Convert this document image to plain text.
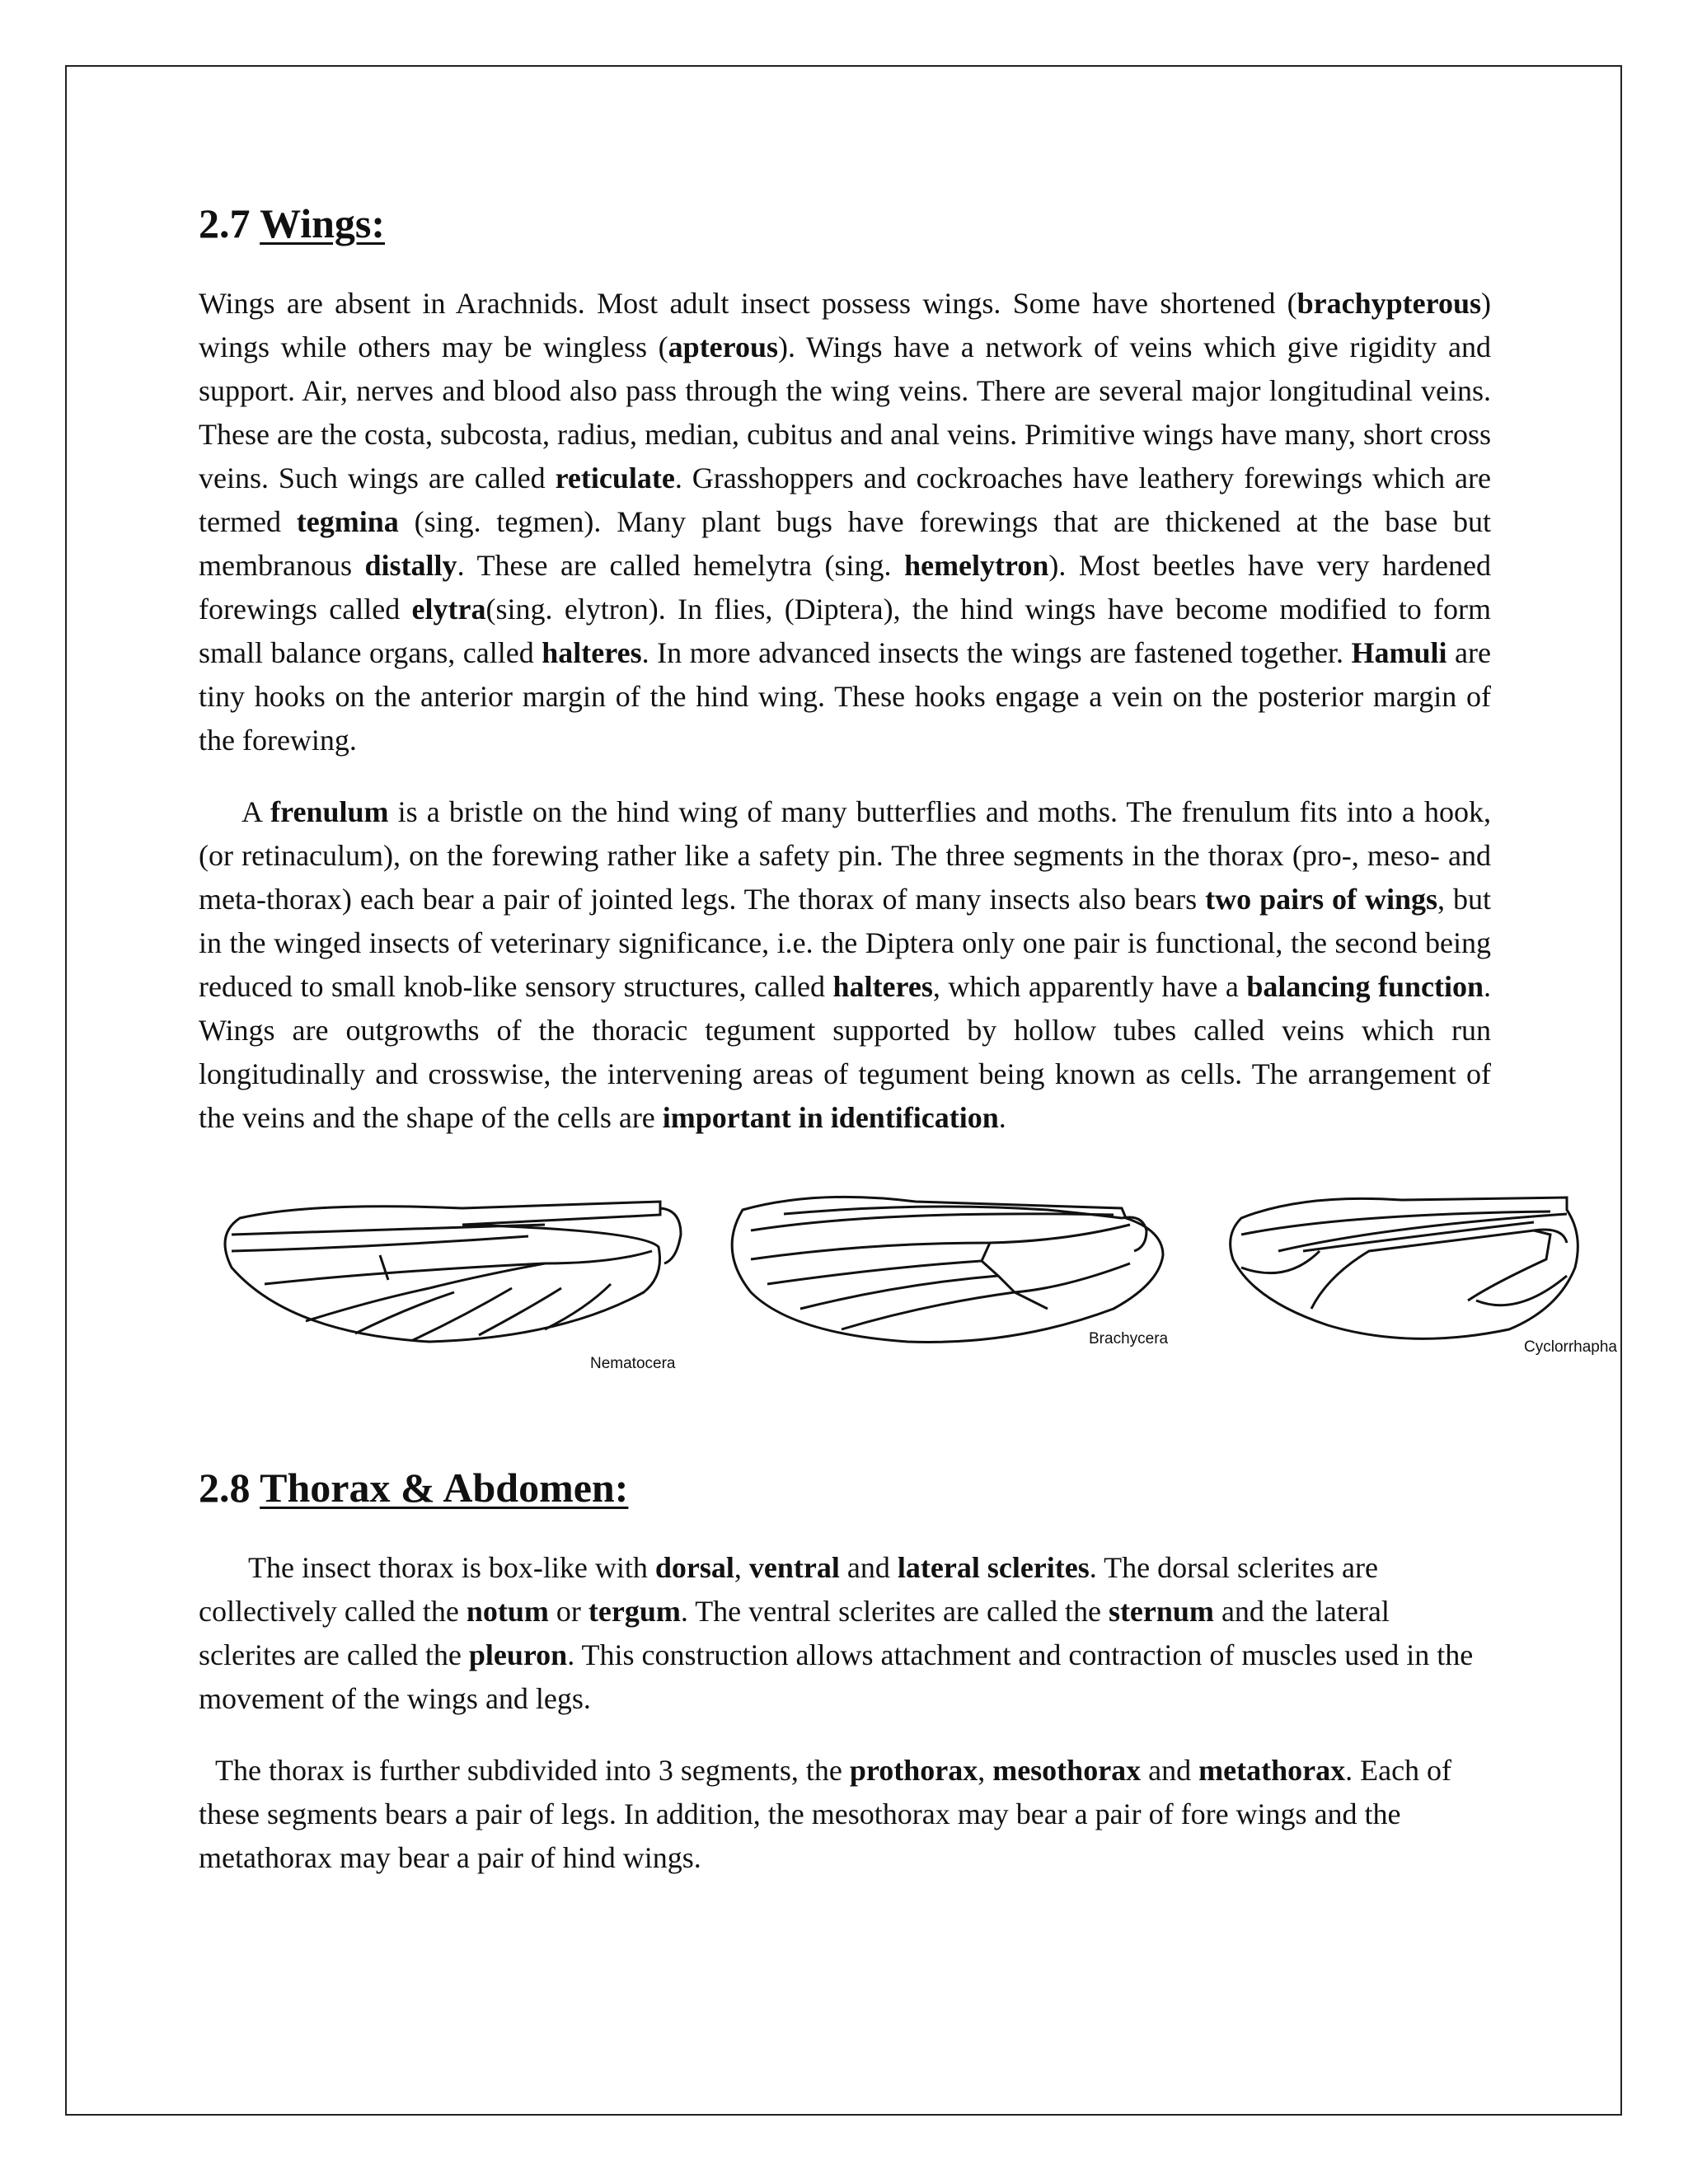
2.7 Wings:

Wings are absent in Arachnids. Most adult insect possess wings. Some have shortened (brachypterous) wings while others may be wingless (apterous). Wings have a network of veins which give rigidity and support. Air, nerves and blood also pass through the wing veins. There are several major longitudinal veins. These are the costa, subcosta, radius, median, cubitus and anal veins. Primitive wings have many, short cross veins. Such wings are called reticulate. Grasshoppers and cockroaches have leathery forewings which are termed tegmina (sing. tegmen). Many plant bugs have forewings that are thickened at the base but membranous distally. These are called hemelytra (sing. hemelytron). Most beetles have very hardened forewings called elytra(sing. elytron). In flies, (Diptera), the hind wings have become modified to form small balance organs, called halteres. In more advanced insects the wings are fastened together. Hamuli are tiny hooks on the anterior margin of the hind wing. These hooks engage a vein on the posterior margin of the forewing.

A frenulum is a bristle on the hind wing of many butterflies and moths. The frenulum fits into a hook, (or retinaculum), on the forewing rather like a safety pin. The three segments in the thorax (pro-, meso- and meta-thorax) each bear a pair of jointed legs. The thorax of many insects also bears two pairs of wings, but in the winged insects of veterinary significance, i.e. the Diptera only one pair is functional, the second being reduced to small knob-like sensory structures, called halteres, which apparently have a balancing function. Wings are outgrowths of the thoracic tegument supported by hollow tubes called veins which run longitudinally and crosswise, the intervening areas of tegument being known as cells. The arrangement of the veins and the shape of the cells are important in identification.

Nematocera
Brachycera	Cyclorrhapha
2.8 Thorax & Abdomen:

The insect thorax is box-like with dorsal, ventral and lateral sclerites. The dorsal sclerites are collectively called the notum or tergum. The ventral sclerites are called the sternum and the lateral sclerites are called the pleuron. This construction allows attachment and contraction of muscles used in the movement of the wings and legs.

The thorax is further subdivided into 3 segments, the prothorax, mesothorax and metathorax. Each of these segments bears a pair of legs. In addition, the mesothorax may bear a pair of fore wings and the metathorax may bear a pair of hind wings.
